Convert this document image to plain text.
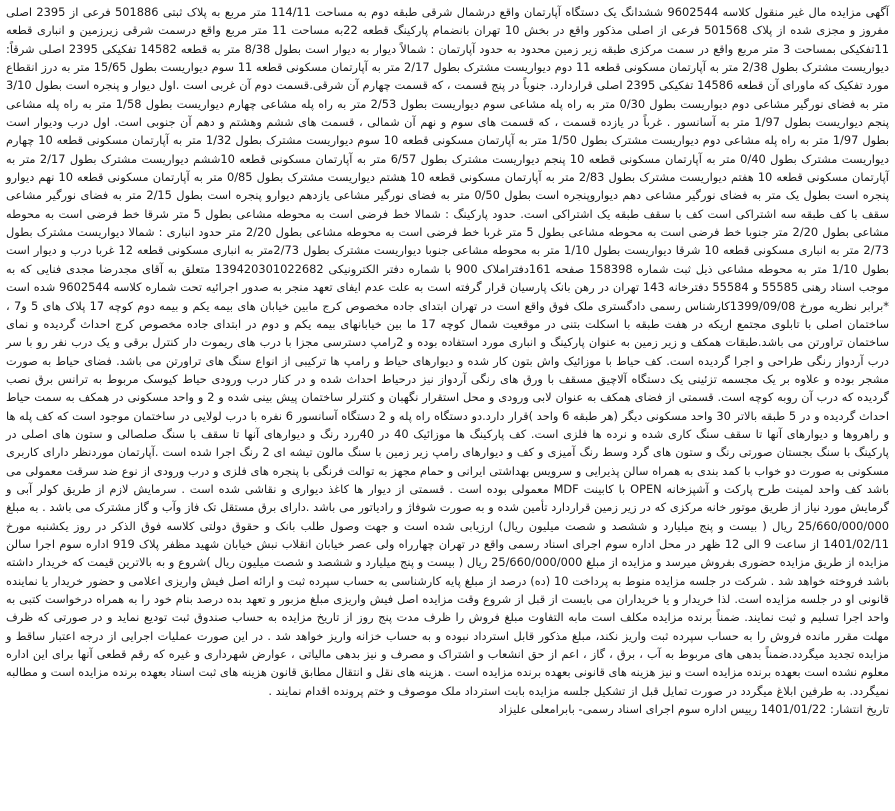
آگهی مزایده مال غیر منقول کلاسه 9602544 ششدانگ یک دستگاه آپارتمان واقع درشمال شرقی طبقه دوم به مساحت 114/11 متر مربع به پلاک ثبتی 501886 فرعی از 2395 اصلی مفروز و مجزی شده از پلاک 501568 فرعی از اصلی مذکور واقع در بخش 10 تهران بانضمام پارکینگ قطعه 22به مساحت 11 متر مربع واقع درسمت شرقی زیرزمین و انباری قطعه 11تفکیکی بمساحت 3 متر مربع واقع در سمت مرکزی طبقه زیر زمین محدود به حدود آپارتمان : شمالاً دیوار به دیوار است بطول 8/38 متر به قطعه 14582 تفکیکی 2395 اصلی شرقاً: دیواریست مشترک بطول 2/38 متر به آپارتمان مسکونی قطعه 11 دوم دیواریست مشترک بطول 2/17 متر به آپارتمان مسکونی قطعه 11 سوم دیواریست بطول 15/65 متر به درز انقطاع مورد تفکیک که ماورای آن قطعه 14586 تفکیکی 2395 اصلی قراردارد. جنوباً در پنج قسمت ، که قسمت چهارم آن شرقی.قسمت دوم آن غربی است .اول دیوار و پنجره است بطول 3/10 متر به فضای نورگیر مشاعی دوم دیواریست بطول 0/30 متر به راه پله مشاعی سوم دیواریست بطول 2/53 متر به راه پله مشاعی چهارم دیواریست بطول 1/58 متر به راه پله مشاعی پنجم دیواریست بطول 1/97 متر به آسانسور . غرباً در یازده قسمت ، که قسمت های سوم و نهم آن شمالی ، قسمت های ششم وهشتم و دهم آن جنوبی است. اول درب ودیوار است بطول 1/97 متر به راه پله مشاعی دوم دیواریست مشترک بطول 1/50 متر به آپارتمان مسکونی قطعه 10 سوم دیواریست مشترک بطول 1/32 متر به آپارتمان مسکونی قطعه 10 چهارم دیواریست مشترک بطول 0/40 متر به آپارتمان مسکونی قطعه 10 پنجم دیواریست مشترک بطول 6/57 متر به آپارتمان مسکونی قطعه 10ششم دیواریست مشترک بطول 2/17 متر به آپارتمان مسکونی قطعه 10 هفتم دیواریست مشترک بطول 2/83 متر به آپارتمان مسکونی قطعه 10 هشتم دیواریست مشترک بطول 0/85 متر به آپارتمان مسکونی قطعه 10 نهم دیوارو پنجره است بطول یک متر به فضای نورگیر مشاعی دهم دیواروپنجره است بطول 0/50 متر به فضای نورگیر مشاعی یازدهم دیوارو پنجره است بطول 2/15 متر به فضای نورگیر مشاعی سقف با کف طبقه سه اشتراکی است کف با سقف طبقه یک اشتراکی است. حدود پارکینگ : شمالا خط فرضی است به محوطه مشاعی بطول 5 متر شرقا خط فرضی است به محوطه مشاعی بطول 2/20 متر جنوبا خط فرضی است به محوطه مشاعی بطول 5 متر غربا خط فرضی است به محوطه مشاعی بطول 2/20 متر حدود انباری : شمالا دیواریست مشترک بطول 2/73 متر به انباری مسکونی قطعه 10 شرقا دیواریست بطول 1/10 متر به محوطه مشاعی جنوبا دیواریست مشترک بطول 2/73متر به انباری مسکونی قطعه 12 غربا درب و دیوار است بطول 1/10 متر به محوطه مشاعی ذیل ثبت شماره 158398 صفحه 161دفتراملاک 900 با شماره دفتر الکترونیکی 139420301022682 متعلق به آقای مجدرضا مجدی فنایی که به موجب اسناد رهنی 55585 و 55584 دفترخانه 143 تهران در رهن بانک پارسیان قرار گرفته است به علت عدم ایفای تعهد منجر به صدور اجرائیه تحت شماره کلاسه 9602544 شده است *برابر نظریه مورخ 1399/09/08کارشناس رسمی دادگستری ملک فوق واقع است در تهران ابتدای جاده مخصوص کرج مابین خیابان های بیمه یکم و بیمه دوم کوچه 17 پلاک های 5 و7 ، ساختمان اصلی با تابلوی مجتمع اریکه در هفت طبقه با اسکلت بتنی در موقعیت شمال کوچه 17 ما بین خیابانهای بیمه یکم و دوم در ابتدای جاده مخصوص کرج احداث گردیده و نمای ساختمان تراورتن می باشد.طبقات همکف و زیر زمین به عنوان پارکینگ و انباری مورد استفاده بوده و 2رامپ دسترسی مجزا با درب های ریموت دار کنترل برقی و یک درب نفر رو با سر درب آردواز رنگی طراحی و اجرا گردیده است. کف حیاط با موزائیک واش بتون کار شده و دیوارهای حیاط و رامپ ها ترکیبی از انواع سنگ های تراورتن می باشد. فضای حیاط به صورت مشجر بوده و علاوه بر یک مجسمه تزئینی یک دستگاه آلاچیق مسقف با ورق های رنگی آردواز نیز درحیاط احداث شده و در کنار درب ورودی حیاط کیوسک مربوط به ترانس برق نصب گردیده که درب آن روبه کوچه است. قسمتی از فضای همکف به عنوان لابی ورودی و محل استقرار نگهبان و کنترلر ساختمان پیش بینی شده و 2 و واحد مسکونی در همکف به سمت حیاط احداث گردیده و در 5 طبقه بالاتر 30 واحد مسکونی دیگر (هر طبقه 6 واحد )قرار دارد.دو دستگاه راه پله و 2 دستگاه آسانسور 6 نفره با درب لولایی در ساختمان موجود است که کف پله ها و راهروها و دیوارهای آنها تا سقف سنگ کاری شده و نرده ها فلزی است. کف پارکینگ ها موزائیک 40 در 40ررد رنگ و دیوارهای آنها تا سقف با سنگ صلصالی و ستون های اصلی در پارکینگ با سنگ بجستان صورتی رنگ و ستون های گرد وسط رنگ آمیزی و کف و دیوارهای رامپ زیر زمین با سنگ مالون تیشه ای 2 رنگ اجرا شده است .آپارتمان موردنظر دارای کاربری مسکونی به صورت دو خواب با کمد بندی به همراه سالن پذیرایی و سرویس بهداشتی ایرانی و حمام مجهز به توالت فرنگی با پنجره های فلزی و درب ورودی از نوع ضد سرقت معمولی می باشد کف واحد لمینت طرح پارکت و آشپزخانه OPEN با کابینت MDF معمولی بوده است . قسمتی از دیوار ها کاغذ دیواری و نقاشی شده است . سرمایش لازم از طریق کولر آبی و گرمایش مورد نیاز از طریق موتور خانه مرکزی که در زیر زمین قراردارد تأمین شده و به صورت شوفاژ و رادیاتور می باشد .دارای برق مستقل تک فاز وآب و گاز مشترک می باشد . به مبلغ 25/660/000/000 ریال ( بیست و پنج میلیارد و ششصد و شصت میلیون ریال) ارزیابی شده است و جهت وصول طلب بانک و حقوق دولتی کلاسه فوق الذکر در روز یکشنبه مورخ 1401/02/11 از ساعت 9 الی 12 ظهر در محل اداره سوم اجرای اسناد رسمی واقع در تهران چهارراه ولی عصر خیابان انقلاب نبش خیابان شهید مظفر پلاک 919 اداره سوم اجرا سالن مزایده از طریق مزایده حضوری بفروش میرسد و مزایده از مبلغ 25/660/000/000 ریال ( بیست و پنج میلیارد و ششصد و شصت میلیون ریال )شروع و به بالاترین قیمت که خریدار داشته باشد فروخته خواهد شد . شرکت در جلسه مزایده منوط به پرداخت 10 (ده) درصد از مبلغ پایه کارشناسی به حساب سپرده ثبت و ارائه اصل فیش واریزی اعلامی و حضور خریدار یا نماینده قانونی او در جلسه مزایده است. لذا خریدار و یا خریداران می بایست از قبل از شروع وقت مزایده اصل فیش واریزی مبلغ مزبور و تعهد بده درصد بنام خود را به همراه درخواست کتبی به واحد اجرا تسلیم و ثبت نمایند. ضمناً برنده مزایده مکلف است مابه التفاوت مبلغ فروش را ظرف مدت پنج روز از تاریخ مزایده به حساب صندوق ثبت توديع نمايد و در صورتی که ظرف مهلت مقرر مانده فروش را به حساب سپرده ثبت واریز نکند، مبلغ مذکور قابل استرداد نبوده و به حساب خزانه واریز خواهد شد . در این صورت عملیات اجرایی از درجه اعتبار ساقط و مزایده تجدید میگردد.ضمناً بدهی های مربوط به آب ، برق ، گاز ، اعم از حق انشعاب و اشتراک و مصرف و نیز بدهی مالیاتی ، عوارض شهرداری و غیره که رقم قطعی آنها برای این اداره معلوم نشده است بعهده برنده مزایده است و نیز هزینه های قانونی بعهده برنده مزایده است . هزینه های نقل و انتقال مطابق قانون هزینه های ثبت اسناد بعهده برنده مزایده است و مطالبه نمیگردد. به طرفین ابلاغ میگردد در صورت تمایل قبل از تشکیل جلسه مزایده بابت استرداد ملک موصوف و ختم پرونده اقدام نمایند .

تاریخ انتشار: 1401/01/22 رییس اداره سوم اجرای اسناد رسمی- بابرامعلی علیزاد
